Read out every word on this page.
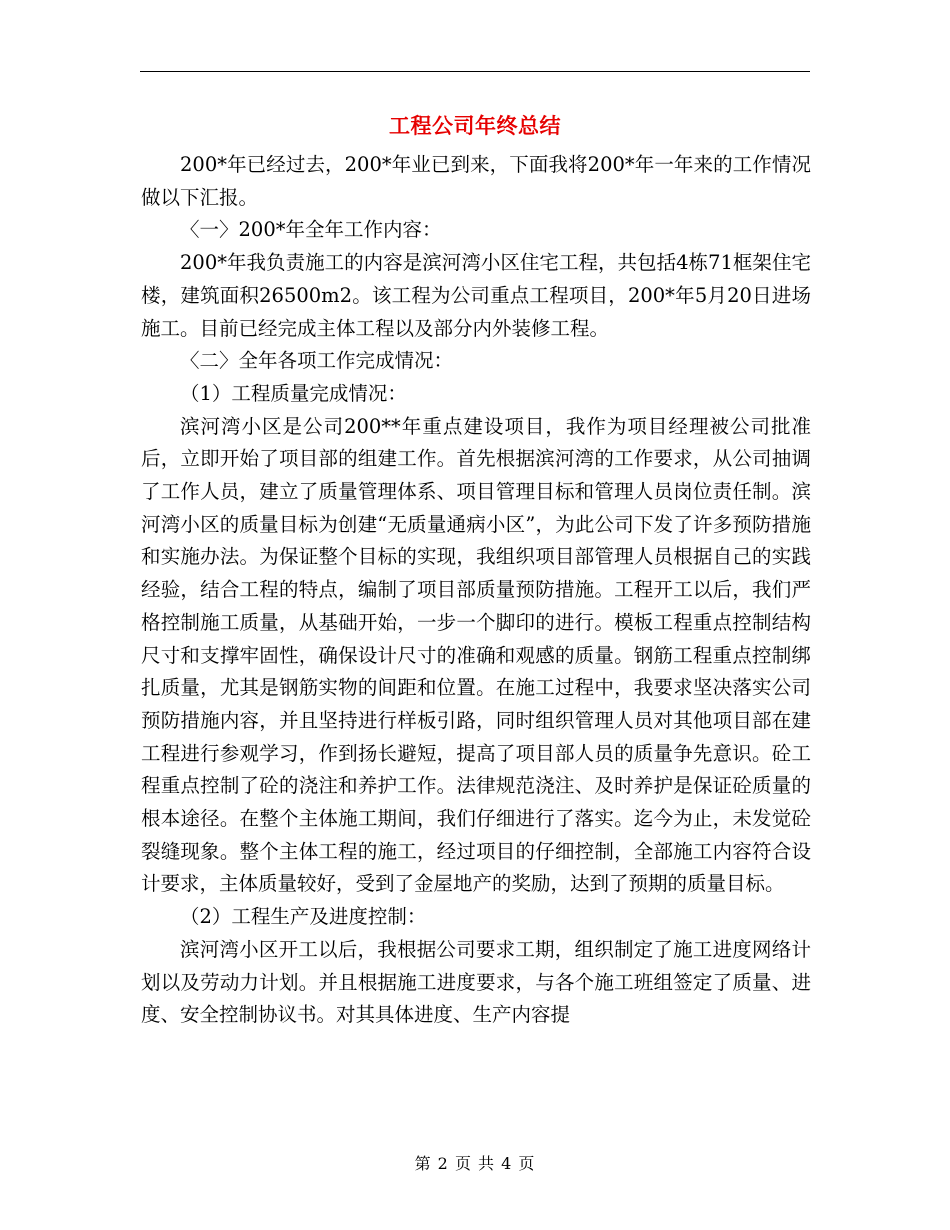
工程公司年终总结

200*年已经过去，200*年业已到来，下面我将200*年一年来的工作情况做以下汇报。

〈一〉200*年全年工作内容：

200*年我负责施工的内容是滨河湾小区住宅工程，共包括4栋71框架住宅楼，建筑面积26500m2。该工程为公司重点工程项目，200*年5月20日进场施工。目前已经完成主体工程以及部分内外装修工程。

〈二〉全年各项工作完成情况：

（1）工程质量完成情况：

滨河湾小区是公司200**年重点建设项目，我作为项目经理被公司批准后，立即开始了项目部的组建工作。首先根据滨河湾的工作要求，从公司抽调了工作人员，建立了质量管理体系、项目管理目标和管理人员岗位责任制。滨河湾小区的质量目标为创建“无质量通病小区”，为此公司下发了许多预防措施和实施办法。为保证整个目标的实现，我组织项目部管理人员根据自己的实践经验，结合工程的特点，编制了项目部质量预防措施。工程开工以后，我们严格控制施工质量，从基础开始，一步一个脚印的进行。模板工程重点控制结构尺寸和支撑牢固性，确保设计尺寸的准确和观感的质量。钢筋工程重点控制绑扎质量，尤其是钢筋实物的间距和位置。在施工过程中，我要求坚决落实公司预防措施内容，并且坚持进行样板引路，同时组织管理人员对其他项目部在建工程进行参观学习，作到扬长避短，提高了项目部人员的质量争先意识。砼工程重点控制了砼的浇注和养护工作。法律规范浇注、及时养护是保证砼质量的根本途径。在整个主体施工期间，我们仔细进行了落实。迄今为止，未发觉砼裂缝现象。整个主体工程的施工，经过项目的仔细控制，全部施工内容符合设计要求，主体质量较好，受到了金屋地产的奖励，达到了预期的质量目标。

（2）工程生产及进度控制：

滨河湾小区开工以后，我根据公司要求工期，组织制定了施工进度网络计划以及劳动力计划。并且根据施工进度要求，与各个施工班组签定了质量、进度、安全控制协议书。对其具体进度、生产内容提

第 2 页 共 4 页
